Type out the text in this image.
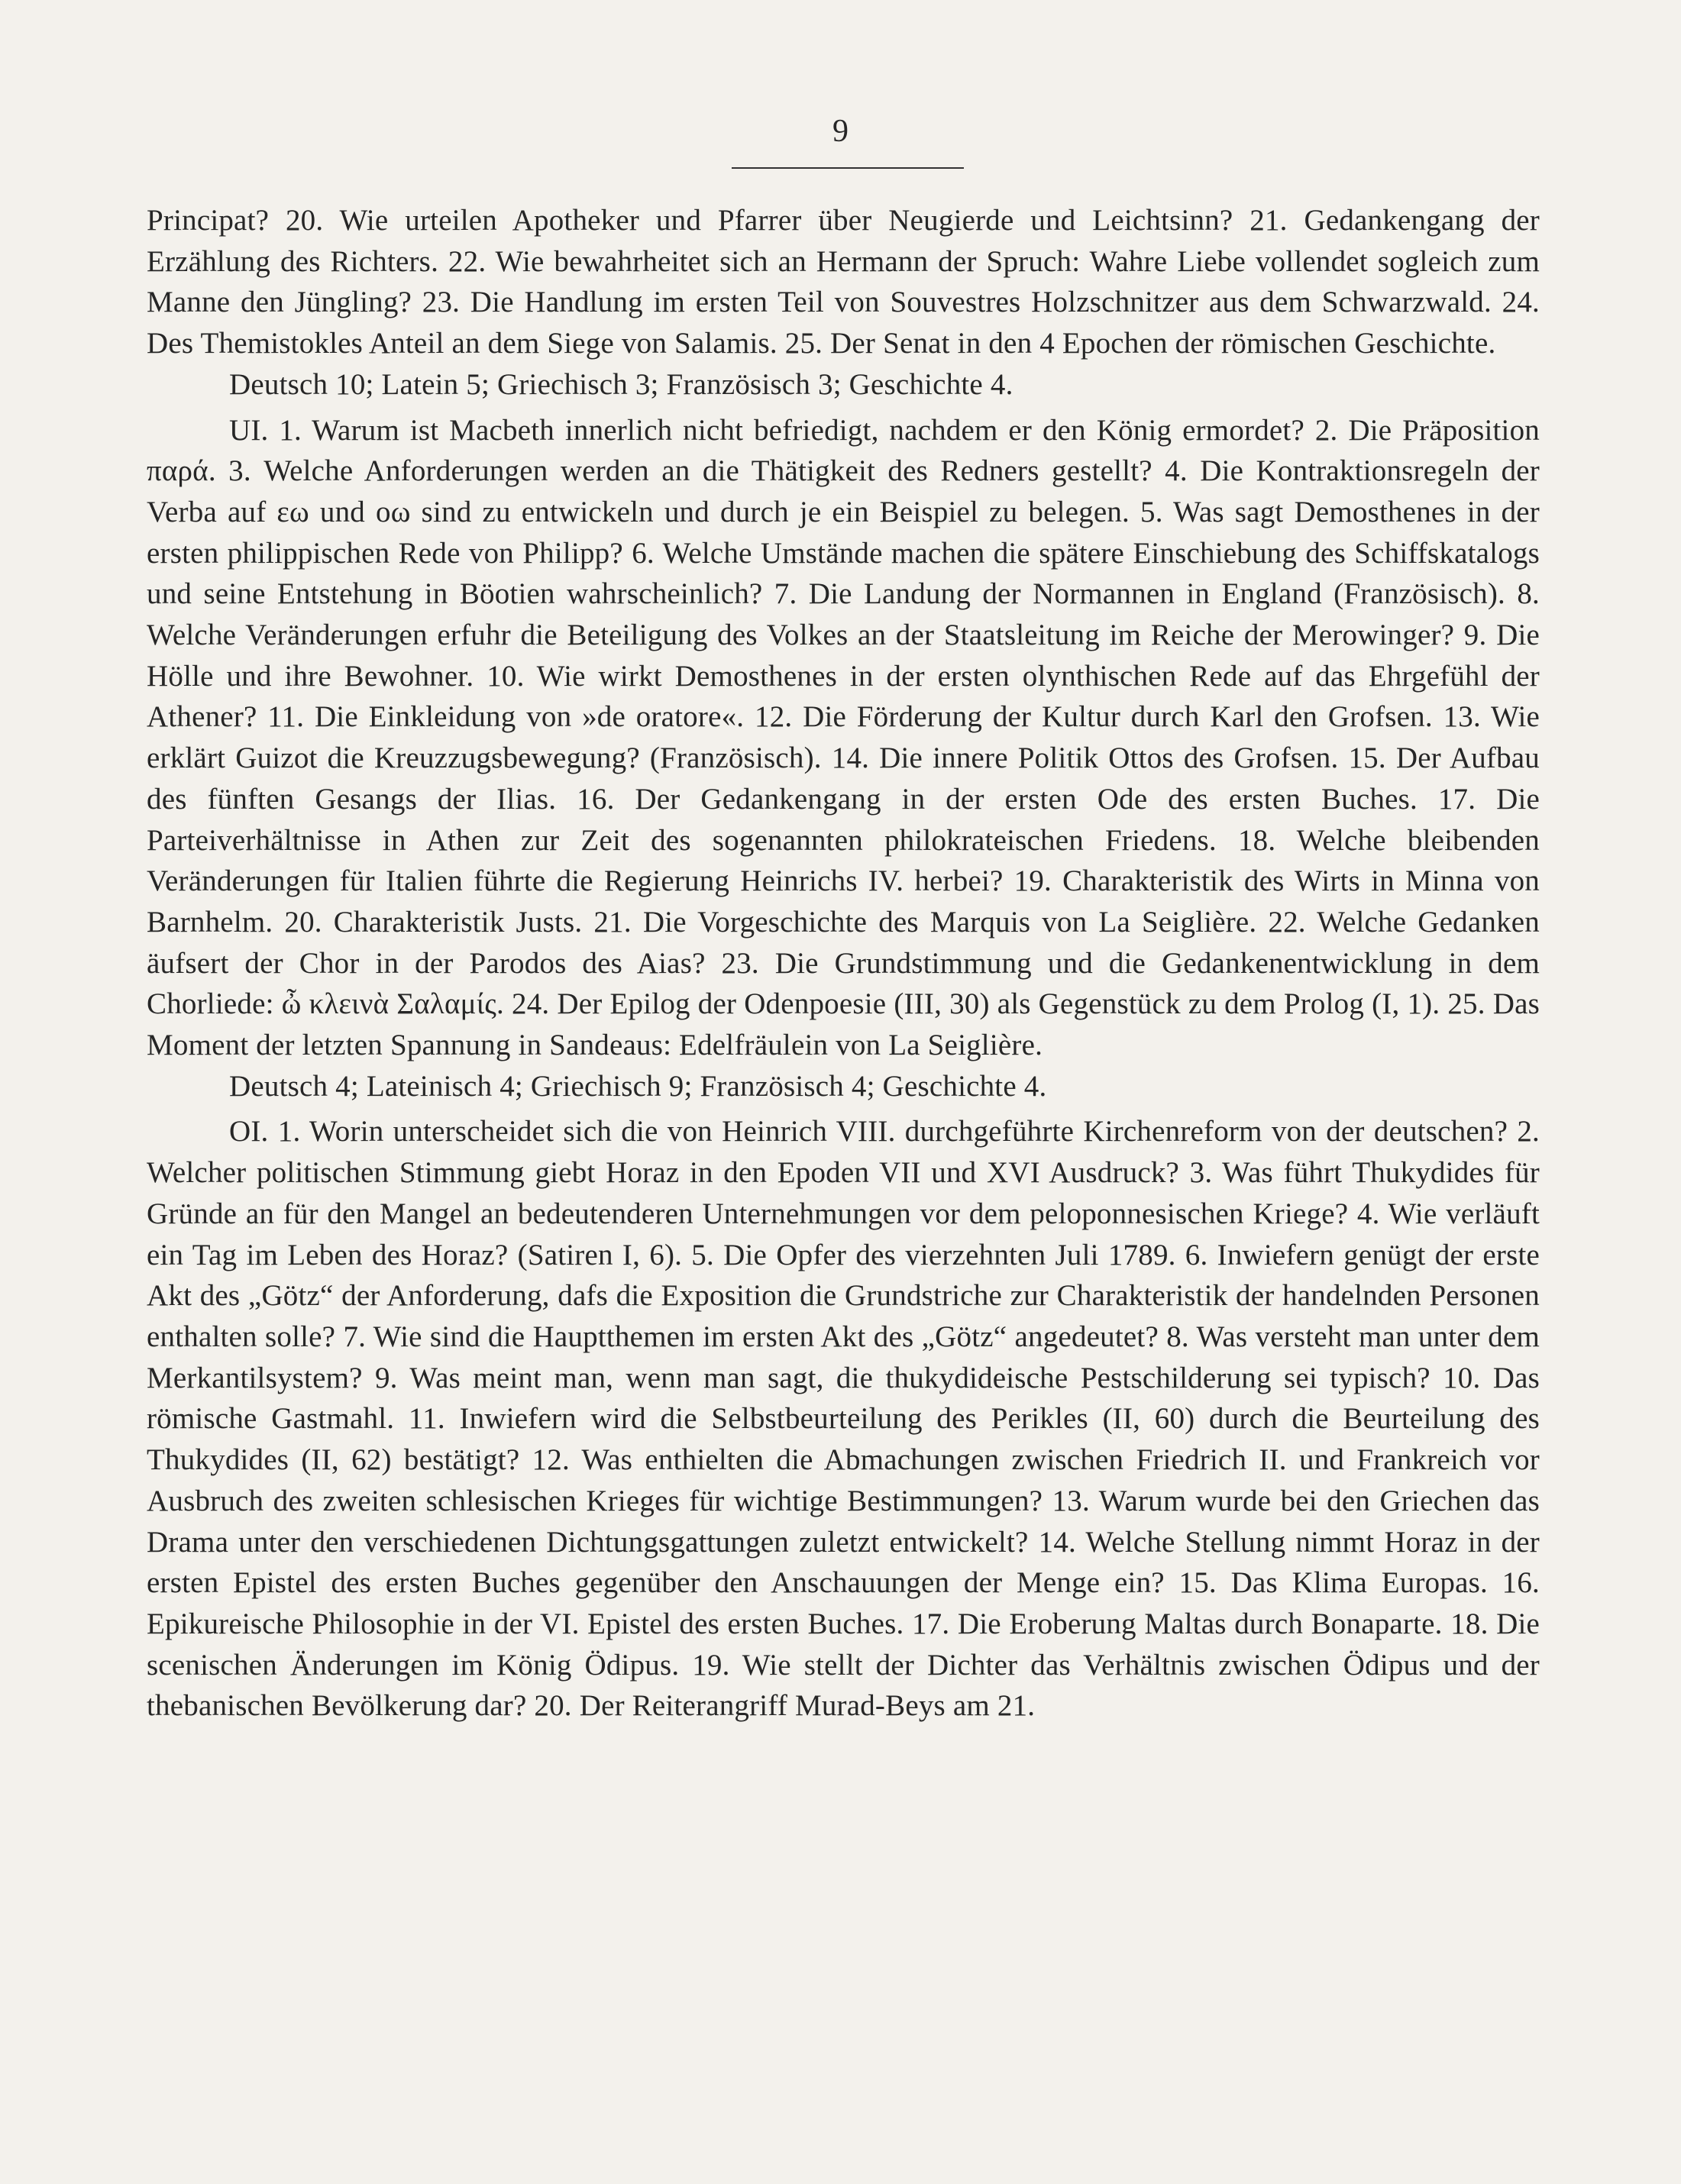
9

Principat? 20. Wie urteilen Apotheker und Pfarrer über Neugierde und Leichtsinn? 21. Gedankengang der Erzählung des Richters. 22. Wie bewahrheitet sich an Hermann der Spruch: Wahre Liebe vollendet sogleich zum Manne den Jüngling? 23. Die Handlung im ersten Teil von Souvestres Holzschnitzer aus dem Schwarzwald. 24. Des Themistokles Anteil an dem Siege von Salamis. 25. Der Senat in den 4 Epochen der römischen Geschichte.

Deutsch 10; Latein 5; Griechisch 3; Französisch 3; Geschichte 4.

UI. 1. Warum ist Macbeth innerlich nicht befriedigt, nachdem er den König ermordet? 2. Die Präposition παρά. 3. Welche Anforderungen werden an die Thätigkeit des Redners gestellt? 4. Die Kontraktionsregeln der Verba auf εω und οω sind zu entwickeln und durch je ein Beispiel zu belegen. 5. Was sagt Demosthenes in der ersten philippischen Rede von Philipp? 6. Welche Umstände machen die spätere Einschiebung des Schiffskatalogs und seine Entstehung in Böotien wahrscheinlich? 7. Die Landung der Normannen in England (Französisch). 8. Welche Veränderungen erfuhr die Beteiligung des Volkes an der Staatsleitung im Reiche der Merowinger? 9. Die Hölle und ihre Bewohner. 10. Wie wirkt Demosthenes in der ersten olynthischen Rede auf das Ehrgefühl der Athener? 11. Die Einkleidung von »de oratore«. 12. Die Förderung der Kultur durch Karl den Grofsen. 13. Wie erklärt Guizot die Kreuzzugsbewegung? (Französisch). 14. Die innere Politik Ottos des Grofsen. 15. Der Aufbau des fünften Gesangs der Ilias. 16. Der Gedankengang in der ersten Ode des ersten Buches. 17. Die Parteiverhältnisse in Athen zur Zeit des sogenannten philokrateischen Friedens. 18. Welche bleibenden Veränderungen für Italien führte die Regierung Heinrichs IV. herbei? 19. Charakteristik des Wirts in Minna von Barnhelm. 20. Charakteristik Justs. 21. Die Vorgeschichte des Marquis von La Seiglière. 22. Welche Gedanken äufsert der Chor in der Parodos des Aias? 23. Die Grundstimmung und die Gedankenentwicklung in dem Chorliede: ὦ κλεινὰ Σαλαμίς. 24. Der Epilog der Odenpoesie (III, 30) als Gegenstück zu dem Prolog (I, 1). 25. Das Moment der letzten Spannung in Sandeaus: Edelfräulein von La Seiglière.

Deutsch 4; Lateinisch 4; Griechisch 9; Französisch 4; Geschichte 4.

OI. 1. Worin unterscheidet sich die von Heinrich VIII. durchgeführte Kirchenreform von der deutschen? 2. Welcher politischen Stimmung giebt Horaz in den Epoden VII und XVI Ausdruck? 3. Was führt Thukydides für Gründe an für den Mangel an bedeutenderen Unternehmungen vor dem peloponnesischen Kriege? 4. Wie verläuft ein Tag im Leben des Horaz? (Satiren I, 6). 5. Die Opfer des vierzehnten Juli 1789. 6. Inwiefern genügt der erste Akt des „Götz“ der Anforderung, dafs die Exposition die Grundstriche zur Charakteristik der handelnden Personen enthalten solle? 7. Wie sind die Hauptthemen im ersten Akt des „Götz“ angedeutet? 8. Was versteht man unter dem Merkantilsystem? 9. Was meint man, wenn man sagt, die thukydideische Pestschilderung sei typisch? 10. Das römische Gastmahl. 11. Inwiefern wird die Selbstbeurteilung des Perikles (II, 60) durch die Beurteilung des Thukydides (II, 62) bestätigt? 12. Was enthielten die Abmachungen zwischen Friedrich II. und Frankreich vor Ausbruch des zweiten schlesischen Krieges für wichtige Bestimmungen? 13. Warum wurde bei den Griechen das Drama unter den verschiedenen Dichtungsgattungen zuletzt entwickelt? 14. Welche Stellung nimmt Horaz in der ersten Epistel des ersten Buches gegenüber den Anschauungen der Menge ein? 15. Das Klima Europas. 16. Epikureische Philosophie in der VI. Epistel des ersten Buches. 17. Die Eroberung Maltas durch Bonaparte. 18. Die scenischen Änderungen im König Ödipus. 19. Wie stellt der Dichter das Verhältnis zwischen Ödipus und der thebanischen Bevölkerung dar? 20. Der Reiterangriff Murad-Beys am 21.
